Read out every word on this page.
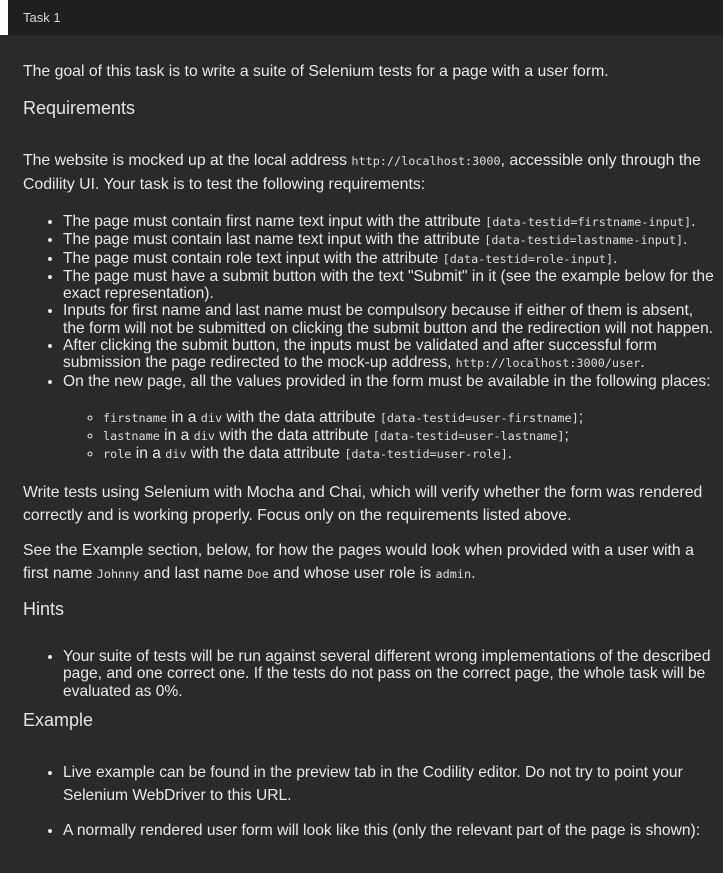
Task 1

The goal of this task is to write a suite of Selenium tests for a page with a user form.

Requirements

The website is mocked up at the local address http://localhost:3000, accessible only through the Codility UI. Your task is to test the following requirements:

• The page must contain first name text input with the attribute [data-testid=firstname-input].
• The page must contain last name text input with the attribute [data-testid=lastname-input].
• The page must contain role text input with the attribute [data-testid=role-input].
• The page must have a submit button with the text "Submit" in it (see the example below for the exact representation).
• Inputs for first name and last name must be compulsory because if either of them is absent, the form will not be submitted on clicking the submit button and the redirection will not happen.
• After clicking the submit button, the inputs must be validated and after successful form submission the page redirected to the mock-up address, http://localhost:3000/user.
• On the new page, all the values provided in the form must be available in the following places:
◦ firstname in a div with the data attribute [data-testid=user-firstname];
◦ lastname in a div with the data attribute [data-testid=user-lastname];
◦ role in a div with the data attribute [data-testid=user-role].

Write tests using Selenium with Mocha and Chai, which will verify whether the form was rendered correctly and is working properly. Focus only on the requirements listed above.

See the Example section, below, for how the pages would look when provided with a user with a first name Johnny and last name Doe and whose user role is admin.

Hints
• Your suite of tests will be run against several different wrong implementations of the described page, and one correct one. If the tests do not pass on the correct page, the whole task will be evaluated as 0%.
Example
• Live example can be found in the preview tab in the Codility editor. Do not try to point your Selenium WebDriver to this URL.
• A normally rendered user form will look like this (only the relevant part of the page is shown):
